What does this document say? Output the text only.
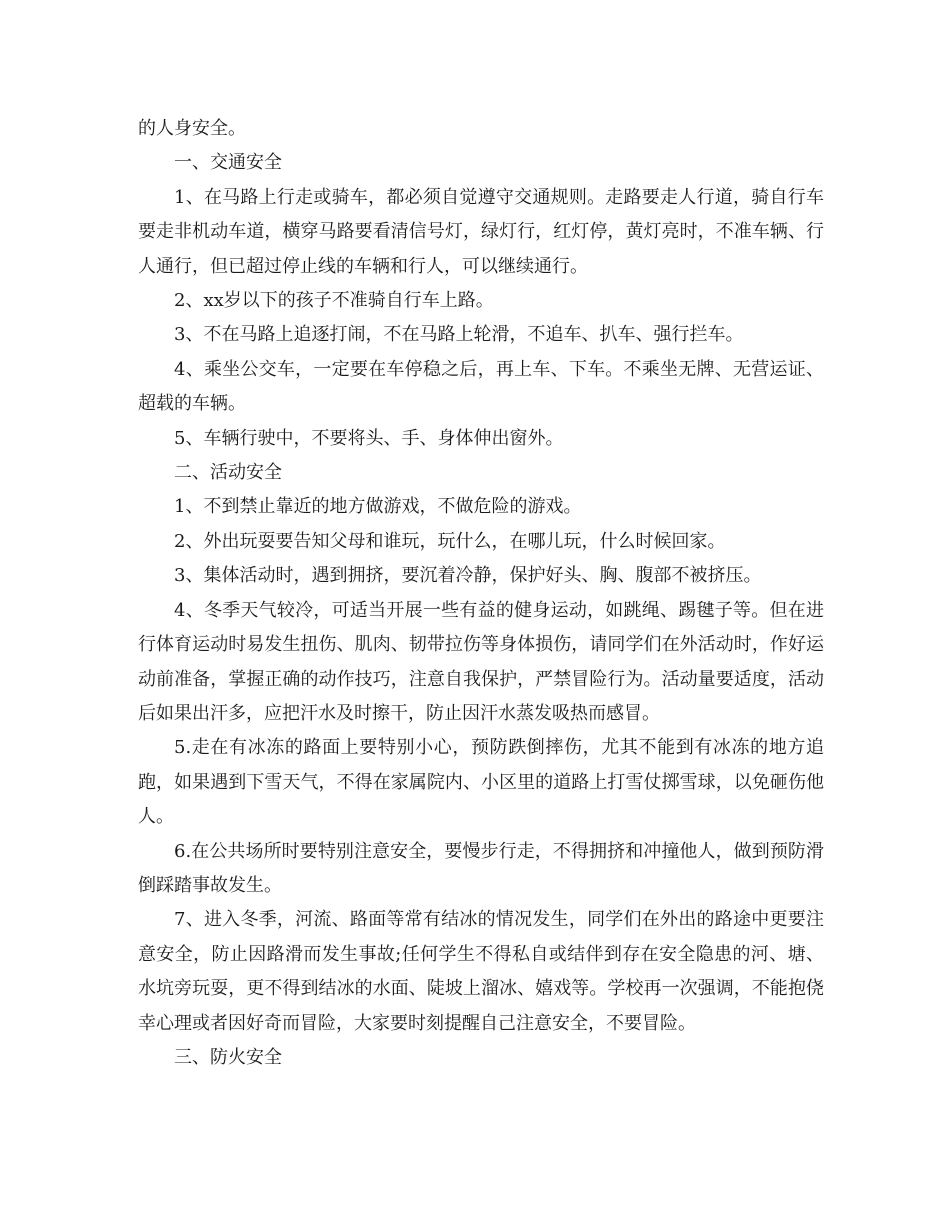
的人身安全。

一、交通安全

1、在马路上行走或骑车，都必须自觉遵守交通规则。走路要走人行道，骑自行车要走非机动车道，横穿马路要看清信号灯，绿灯行，红灯停，黄灯亮时，不准车辆、行人通行，但已超过停止线的车辆和行人，可以继续通行。

2、xx岁以下的孩子不准骑自行车上路。

3、不在马路上追逐打闹，不在马路上轮滑，不追车、扒车、强行拦车。

4、乘坐公交车，一定要在车停稳之后，再上车、下车。不乘坐无牌、无营运证、超载的车辆。

5、车辆行驶中，不要将头、手、身体伸出窗外。

二、活动安全

1、不到禁止靠近的地方做游戏，不做危险的游戏。

2、外出玩耍要告知父母和谁玩，玩什么，在哪儿玩，什么时候回家。

3、集体活动时，遇到拥挤，要沉着冷静，保护好头、胸、腹部不被挤压。

4、冬季天气较冷，可适当开展一些有益的健身运动，如跳绳、踢毽子等。但在进行体育运动时易发生扭伤、肌肉、韧带拉伤等身体损伤，请同学们在外活动时，作好运动前准备，掌握正确的动作技巧，注意自我保护，严禁冒险行为。活动量要适度，活动后如果出汗多，应把汗水及时擦干，防止因汗水蒸发吸热而感冒。

5.走在有冰冻的路面上要特别小心，预防跌倒摔伤，尤其不能到有冰冻的地方追跑，如果遇到下雪天气，不得在家属院内、小区里的道路上打雪仗掷雪球，以免砸伤他人。

6.在公共场所时要特别注意安全，要慢步行走，不得拥挤和冲撞他人，做到预防滑倒踩踏事故发生。

7、进入冬季，河流、路面等常有结冰的情况发生，同学们在外出的路途中更要注意安全，防止因路滑而发生事故;任何学生不得私自或结伴到存在安全隐患的河、塘、水坑旁玩耍，更不得到结冰的水面、陡坡上溜冰、嬉戏等。学校再一次强调，不能抱侥幸心理或者因好奇而冒险，大家要时刻提醒自己注意安全，不要冒险。

三、防火安全
